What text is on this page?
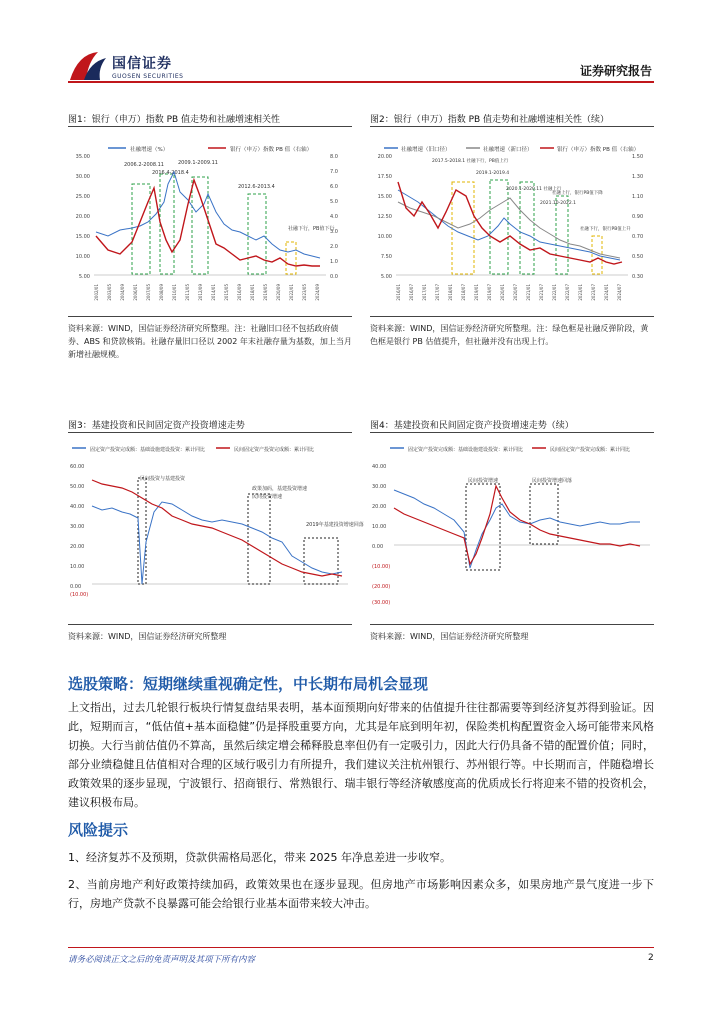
国信证券
GUOSEN SECURITIES	证券研究报告
图1：银行（申万）指数 PB 值走势和社融增速相关性
社融增速（%）	银行（申万）指数 PB 值（右轴）
5.00
10.00
15.00
20.00
25.00
30.00
35.00
0.0
1.0
2.0
3.0
4.0
5.0
6.0
7.0
8.0
2006.2-2008.11	2009.1-2009.11
2012.6-2013.4
2016.4-2018.4
社融下行，PB值下行
2002/01 2003/05 2004/09 2006/01 2007/05 2008/09 2010/01 2011/05 2012/09 2014/01 2015/05 2016/09 2018/01 2019/05 2020/09 2022/01 2023/05 2024/09
资料来源：WIND，国信证券经济研究所整理。注：社融旧口径不包括政府债券、ABS 和贷款核销。社融存量旧口径以 2002 年末社融存量为基数，加上当月新增社融规模。
图2：银行（申万）指数 PB 值走势和社融增速相关性（续）
社融增速（旧口径）	社融增速（新口径）	银行（申万）指数 PB 值（右轴）
5.00
7.50
10.00
12.50
15.00
17.50
20.00
0.30
0.50
0.70
0.90
1.10
1.30
1.50
2017.5-2018.1 社融下行，PB值上行
2019.1-2019.4
2020.1-2020.11 社融上行
2021.10-2022.1
社融上行，银行PB值下降
社融下行，银行PB值上升
2016/01 2016/07 2017/01 2017/07 2018/01 2018/07 2019/01 2019/07 2020/01 2020/07 2021/01 2021/07 2022/01 2022/07 2023/01 2023/07 2024/01 2024/07
资料来源：WIND，国信证券经济研究所整理。注：绿色框是社融反弹阶段，黄色框是银行 PB 估值提升，但社融并没有出现上行。
图3：基建投资和民间固定资产投资增速走势
固定资产投资完成额：基础设施建设投资：累计同比	民间固定资产投资完成额：累计同比
60.00
50.00
40.00
30.00
20.00
10.00
0.00
(10.00)
民间投资与基建投资
政策加码，基建投资增速
民间投资增速
2019年基建投资增速回落
资料来源：WIND，国信证券经济研究所整理
图4：基建投资和民间固定资产投资增速走势（续）
固定资产投资完成额：基础设施建设投资：累计同比	民间固定资产投资完成额：累计同比
40.00
30.00
20.00
10.00
0.00
(10.00)
(20.00)
(30.00)
民间投资增速	民间投资增速回落
资料来源：WIND，国信证券经济研究所整理
选股策略：短期继续重视确定性，中长期布局机会显现
上文指出，过去几轮银行板块行情复盘结果表明，基本面预期向好带来的估值提升往往都需要等到经济复苏得到验证。因此，短期而言，“低估值+基本面稳健”仍是择股重要方向，尤其是年底到明年初，保险类机构配置资金入场可能带来风格切换。大行当前估值仍不算高，虽然后续定增会稀释股息率但仍有一定吸引力，因此大行仍具备不错的配置价值；同时，部分业绩稳健且估值相对合理的区域行吸引力有所提升，我们建议关注杭州银行、苏州银行等。中长期而言，伴随稳增长政策效果的逐步显现，宁波银行、招商银行、常熟银行、瑞丰银行等经济敏感度高的优质成长行将迎来不错的投资机会，建议积极布局。
风险提示
1、经济复苏不及预期，贷款供需格局恶化，带来 2025 年净息差进一步收窄。
2、当前房地产利好政策持续加码，政策效果也在逐步显现。但房地产市场影响因素众多，如果房地产景气度进一步下行，房地产贷款不良暴露可能会给银行业基本面带来较大冲击。
请务必阅读正文之后的免责声明及其项下所有内容	2
